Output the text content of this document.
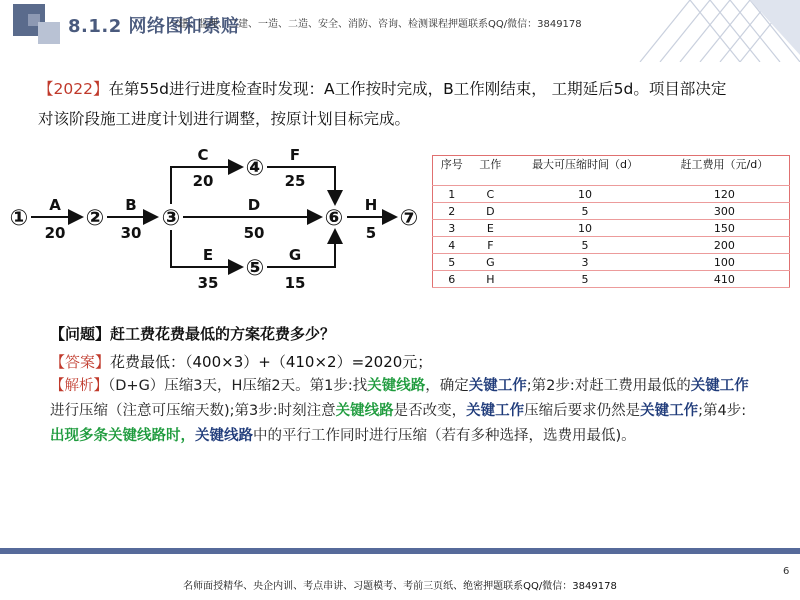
8.1.2 网络图和索赔
一建、监理、二建、一造、二造、安全、消防、咨询、检测课程押题联系QQ/微信：3849178
【2022】在第55d进行进度检查时发现：A工作按时完成，B工作刚结束， 工期延后5d。项目部决定对该阶段施工进度计划进行调整，按原计划目标完成。
①	②	③
④
⑤
⑥	⑦
A
20
B
30
C
20
F
25
D
50
E
35
G
15
H
5
序号	工作	最大可压缩时间（d）	赶工费用（元/d）
1	C	10	120
2	D	5	300
3	E	10	150
4	F	5	200
5	G	3	100
6	H	5	410
【问题】赶工费花费最低的方案花费多少？
【答案】花费最低：（400×3）+（410×2）=2020元；
【解析】（D+G）压缩3天，H压缩2天。第1步:找关键线路，确定关键工作;第2步:对赶工费用最低的关键工作进行压缩（注意可压缩天数);第3步:时刻注意关键线路是否改变，关键工作压缩后要求仍然是关键工作;第4步:出现多条关键线路时，关键线路中的平行工作同时进行压缩（若有多种选择，选费用最低)。
6
名师面授精华、央企内训、考点串讲、习题模考、考前三页纸、绝密押题联系QQ/微信：3849178
